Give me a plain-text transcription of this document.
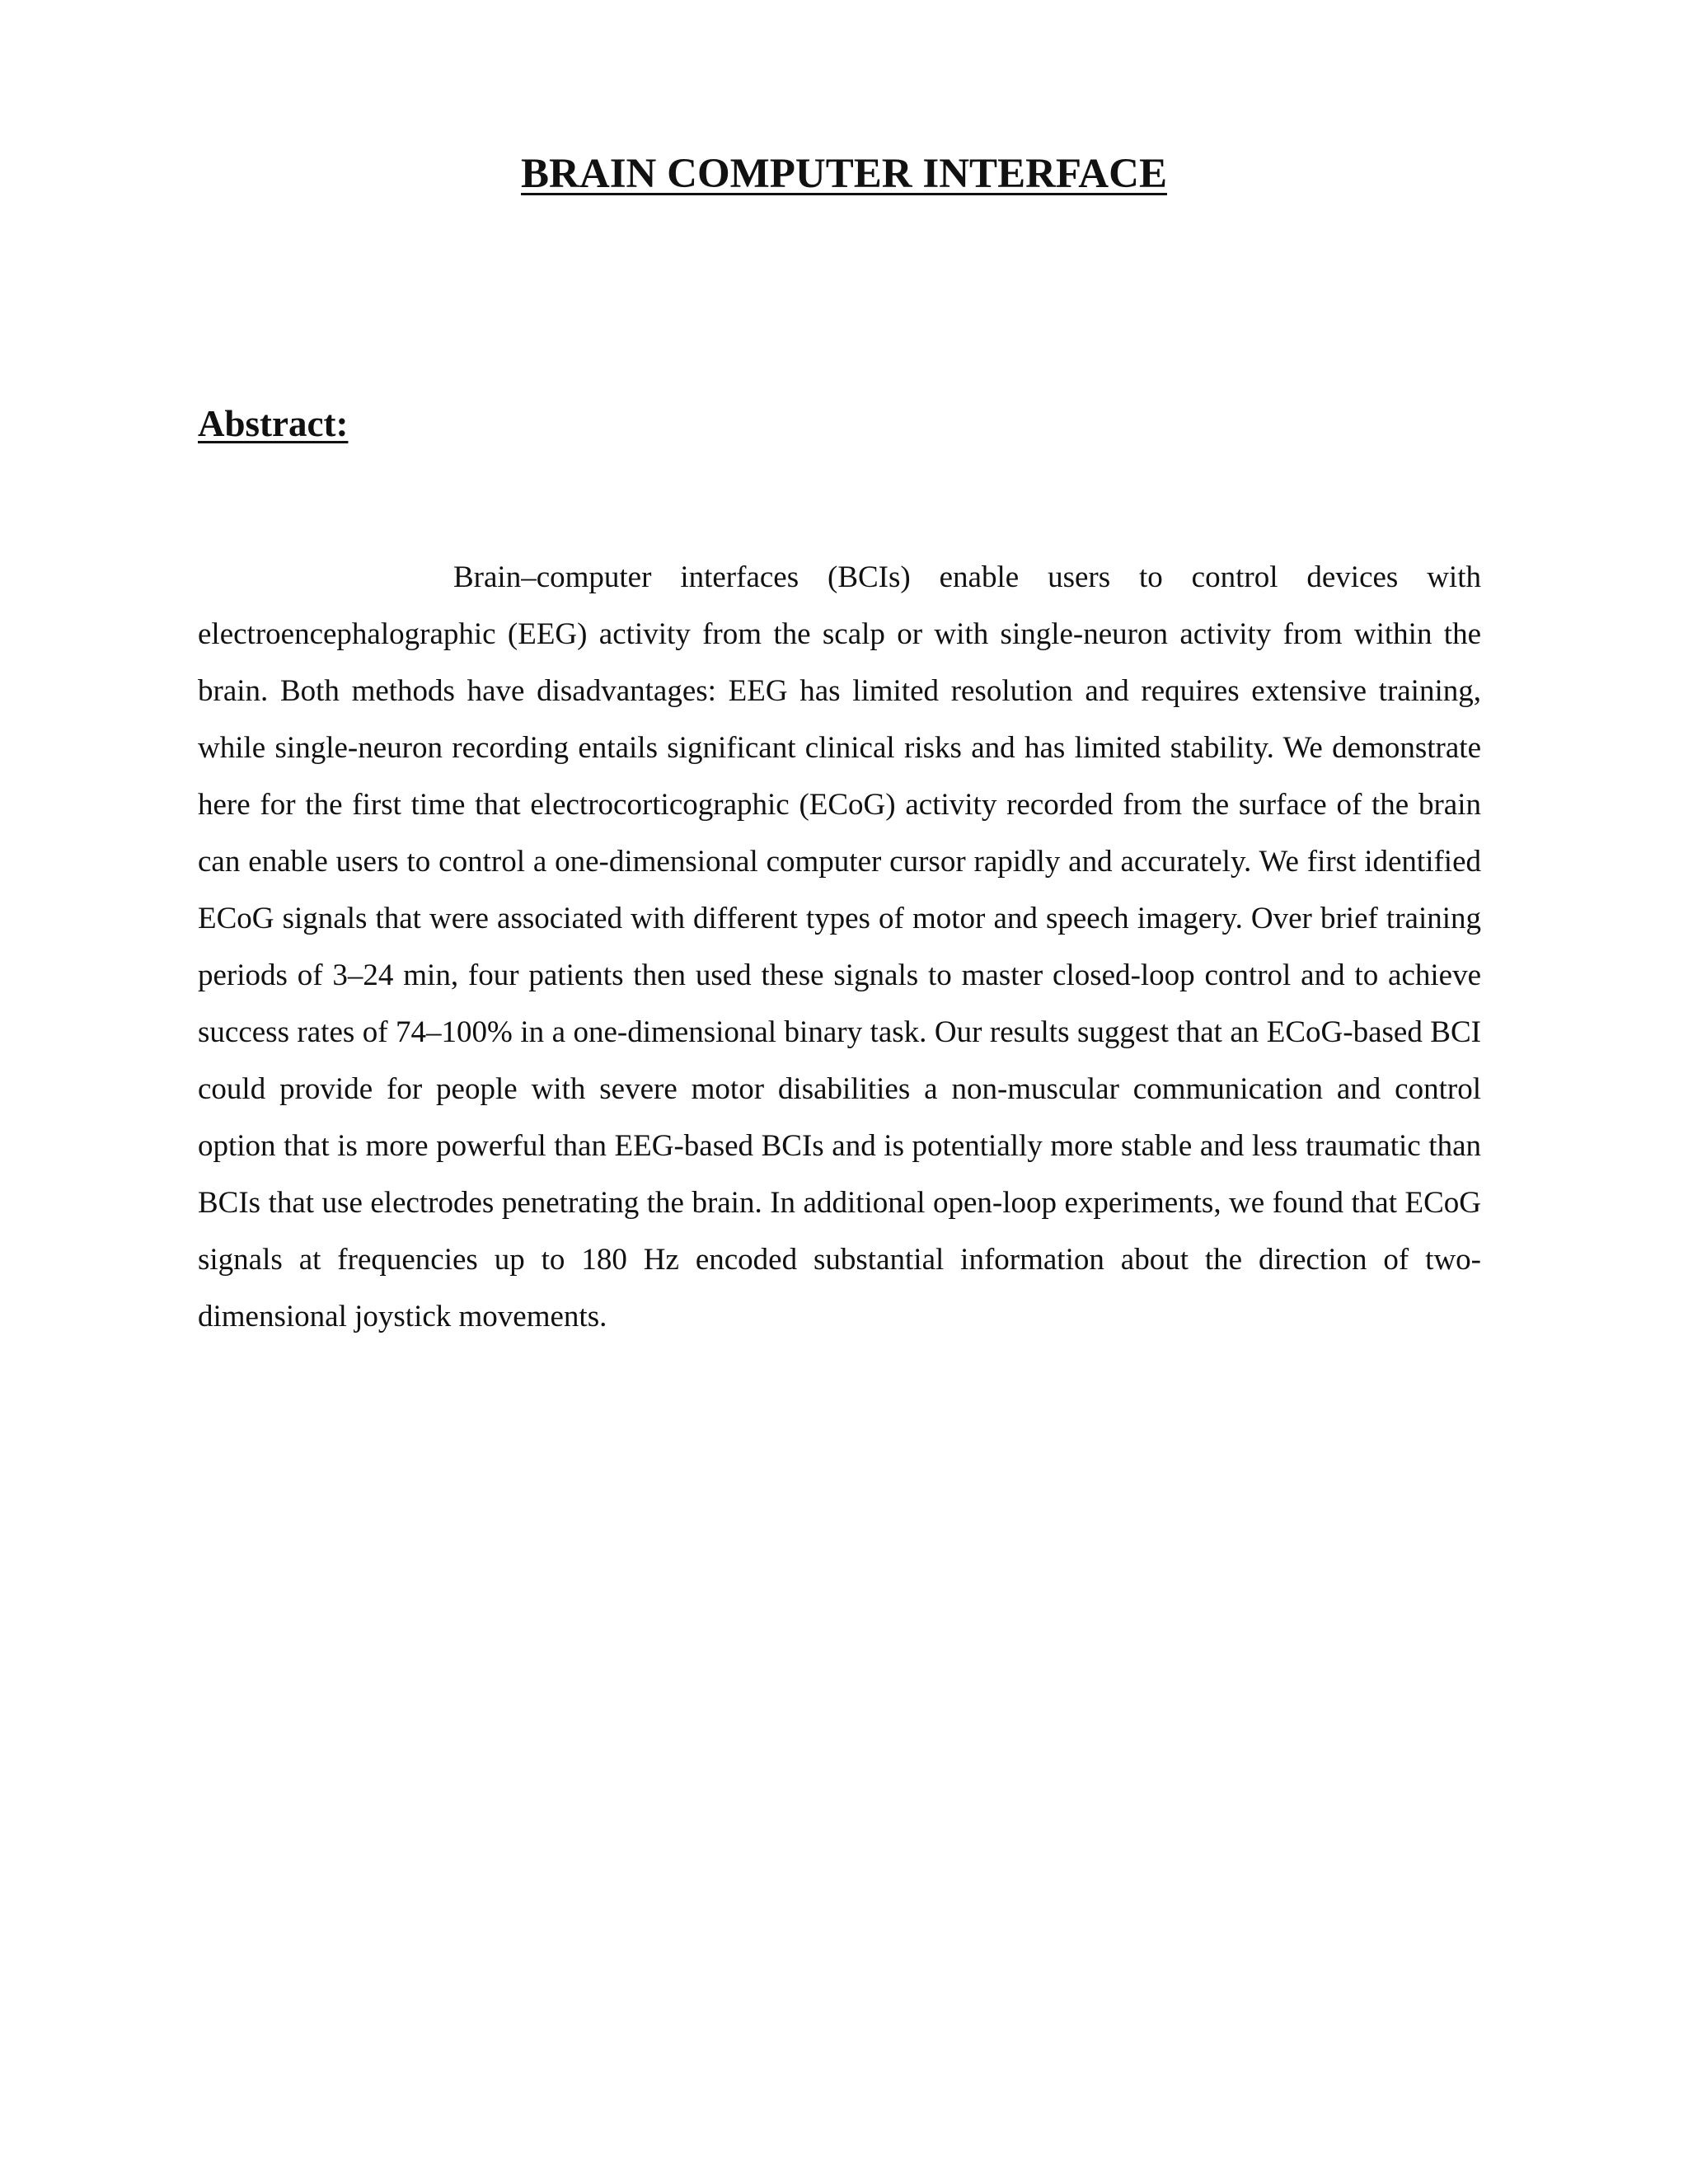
BRAIN COMPUTER INTERFACE
Abstract:

Brain–computer interfaces (BCIs) enable users to control devices with electroencephalographic (EEG) activity from the scalp or with single-neuron activity from within the brain. Both methods have disadvantages: EEG has limited resolution and requires extensive training, while single-neuron recording entails significant clinical risks and has limited stability. We demonstrate here for the first time that electrocorticographic (ECoG) activity recorded from the surface of the brain can enable users to control a one-dimensional computer cursor rapidly and accurately. We first identified ECoG signals that were associated with different types of motor and speech imagery. Over brief training periods of 3–24 min, four patients then used these signals to master closed-loop control and to achieve success rates of 74–100% in a one-dimensional binary task. Our results suggest that an ECoG-based BCI could provide for people with severe motor disabilities a non-muscular communication and control option that is more powerful than EEG-based BCIs and is potentially more stable and less traumatic than BCIs that use electrodes penetrating the brain. In additional open-loop experiments, we found that ECoG signals at frequencies up to 180 Hz encoded substantial information about the direction of two-dimensional joystick movements.
